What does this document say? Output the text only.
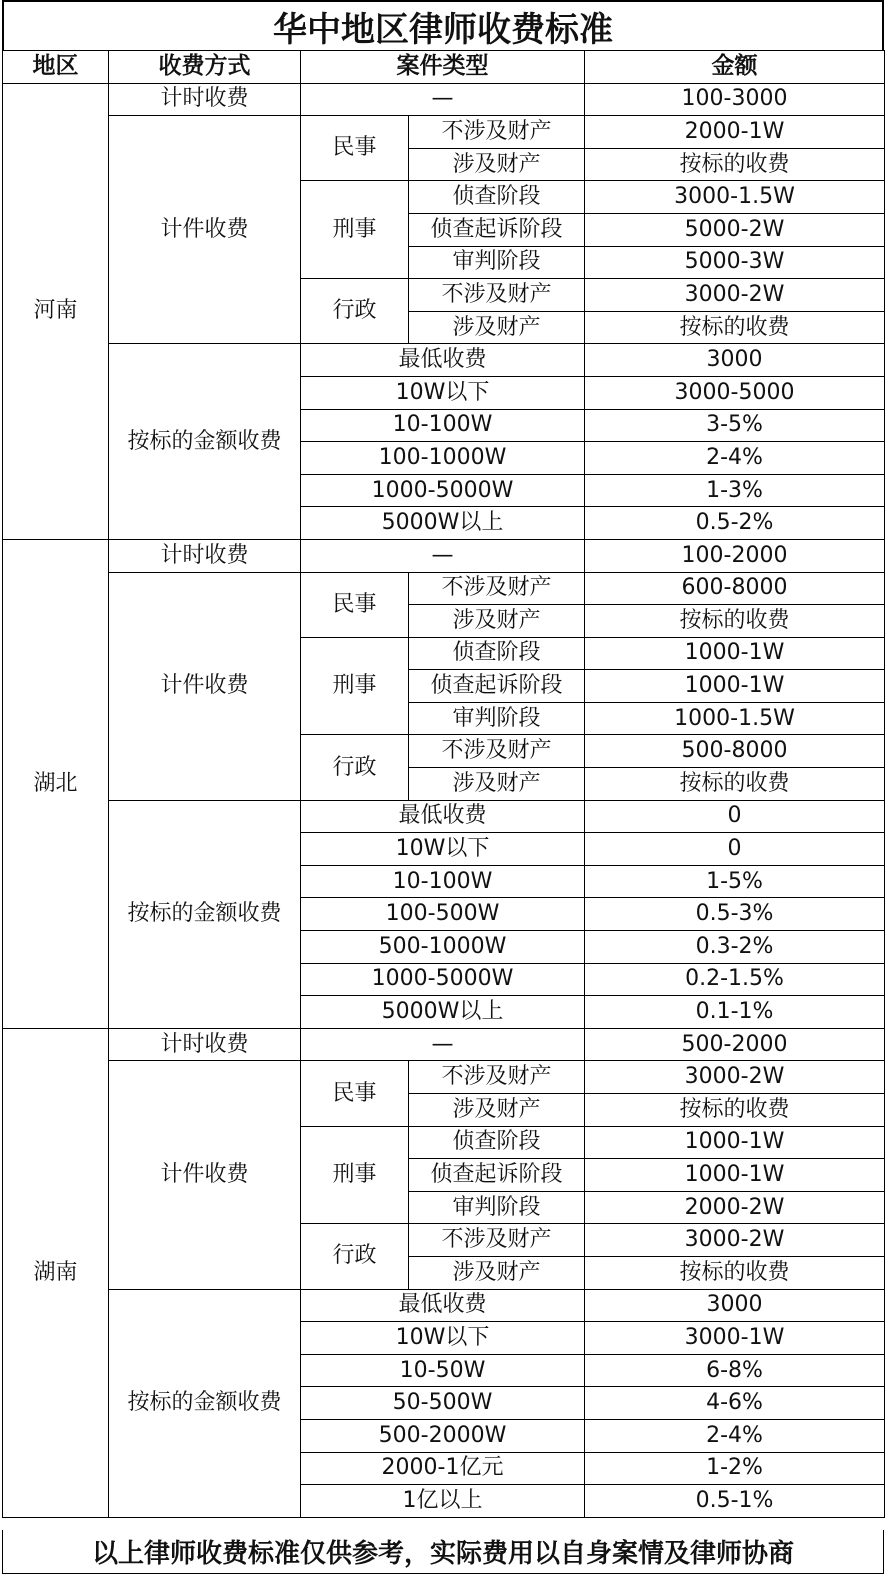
华中地区律师收费标准
地区	收费方式	案件类型		金额
河南	计时收费	—		100-3000
	计件收费	民事	不涉及财产	2000-1W
			涉及财产	按标的收费
		刑事	侦查阶段	3000-1.5W
			侦查起诉阶段	5000-2W
			审判阶段	5000-3W
		行政	不涉及财产	3000-2W
			涉及财产	按标的收费
	按标的金额收费	最低收费		3000
		10W以下		3000-5000
		10-100W		3-5%
		100-1000W		2-4%
		1000-5000W		1-3%
		5000W以上		0.5-2%
湖北	计时收费	—		100-2000
	计件收费	民事	不涉及财产	600-8000
			涉及财产	按标的收费
		刑事	侦查阶段	1000-1W
			侦查起诉阶段	1000-1W
			审判阶段	1000-1.5W
		行政	不涉及财产	500-8000
			涉及财产	按标的收费
	按标的金额收费	最低收费		0
		10W以下		0
		10-100W		1-5%
		100-500W		0.5-3%
		500-1000W		0.3-2%
		1000-5000W		0.2-1.5%
		5000W以上		0.1-1%
湖南	计时收费	—		500-2000
	计件收费	民事	不涉及财产	3000-2W
			涉及财产	按标的收费
		刑事	侦查阶段	1000-1W
			侦查起诉阶段	1000-1W
			审判阶段	2000-2W
		行政	不涉及财产	3000-2W
			涉及财产	按标的收费
	按标的金额收费	最低收费		3000
		10W以下		3000-1W
		10-50W		6-8%
		50-500W		4-6%
		500-2000W		2-4%
		2000-1亿元		1-2%
		1亿以上		0.5-1%
以上律师收费标准仅供参考，实际费用以自身案情及律师协商
